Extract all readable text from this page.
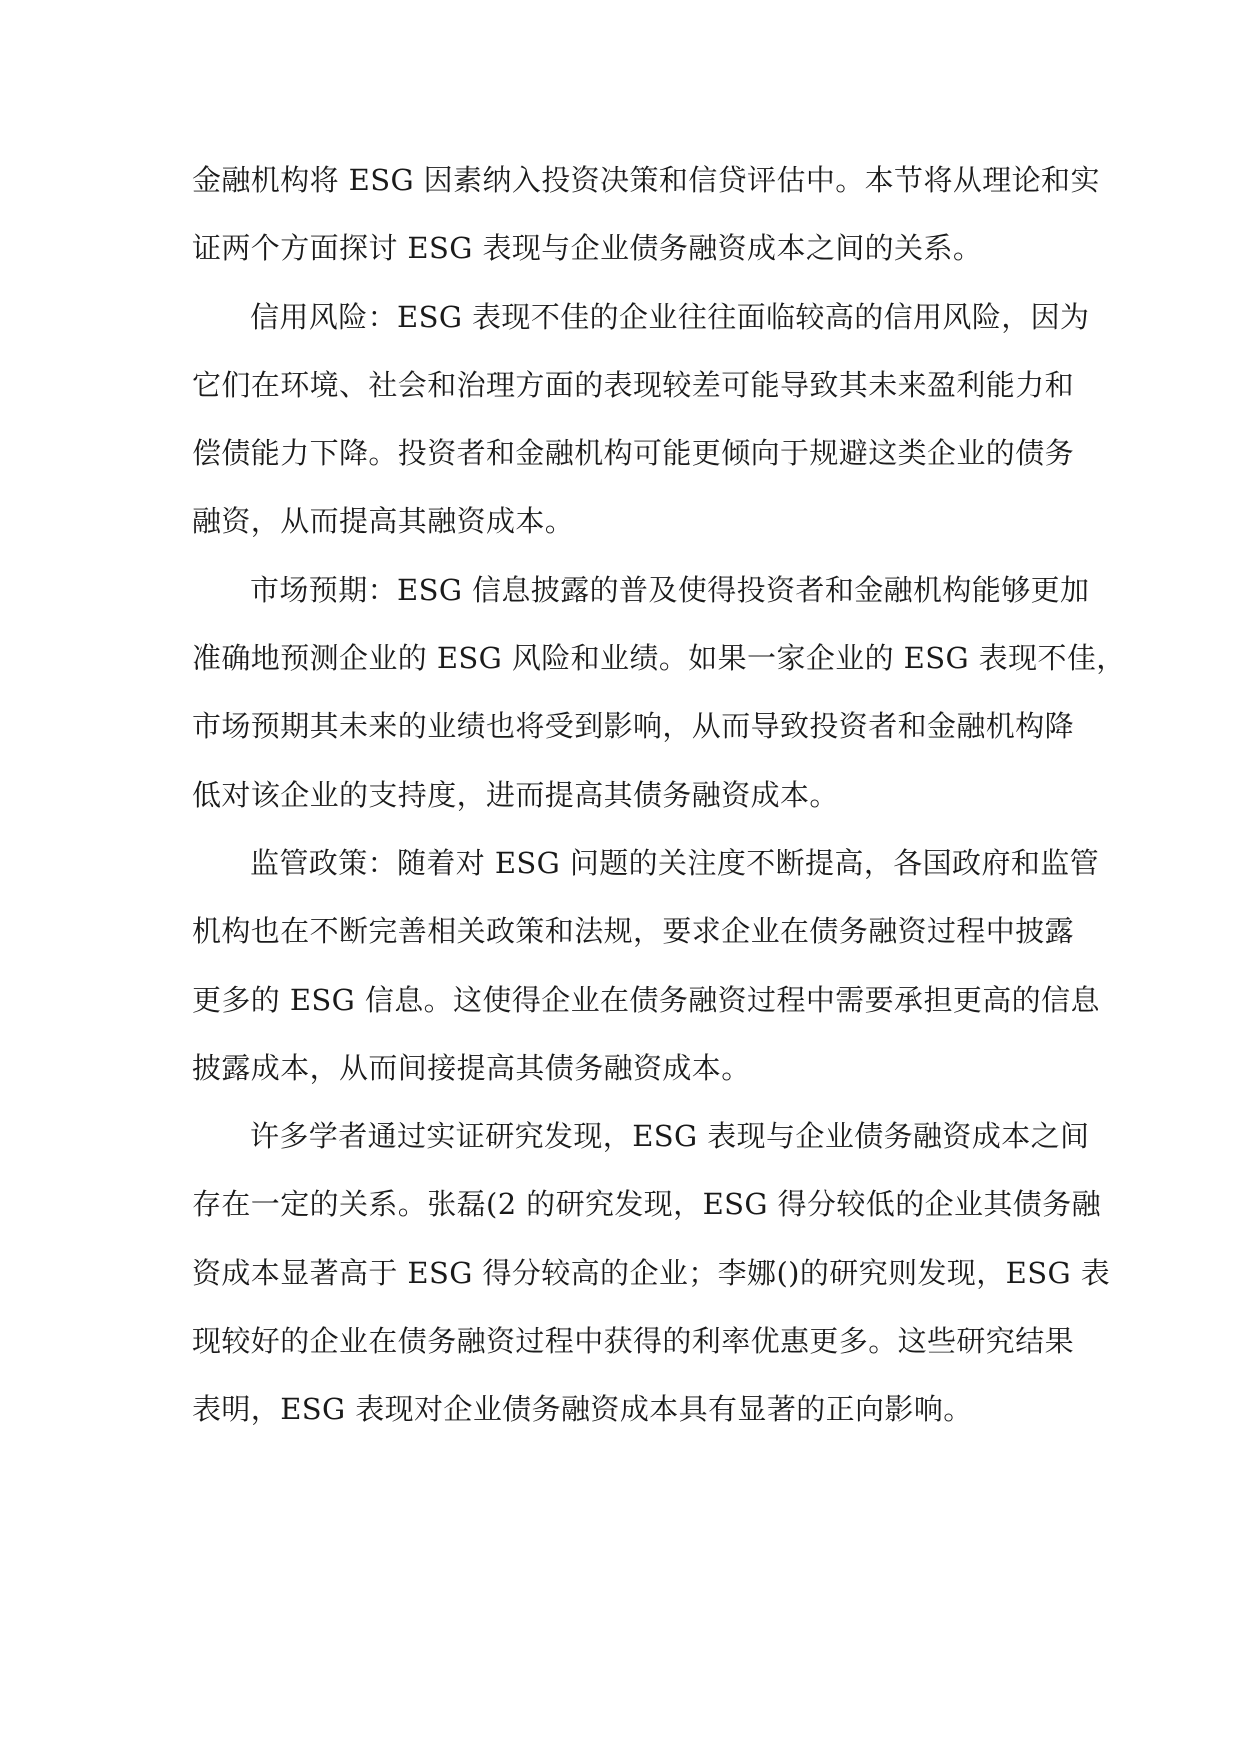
金融机构将 ESG 因素纳入投资决策和信贷评估中。本节将从理论和实
证两个方面探讨 ESG 表现与企业债务融资成本之间的关系。
信用风险：ESG 表现不佳的企业往往面临较高的信用风险，因为
它们在环境、社会和治理方面的表现较差可能导致其未来盈利能力和
偿债能力下降。投资者和金融机构可能更倾向于规避这类企业的债务
融资，从而提高其融资成本。
市场预期：ESG 信息披露的普及使得投资者和金融机构能够更加
准确地预测企业的 ESG 风险和业绩。如果一家企业的 ESG 表现不佳，
市场预期其未来的业绩也将受到影响，从而导致投资者和金融机构降
低对该企业的支持度，进而提高其债务融资成本。
监管政策：随着对 ESG 问题的关注度不断提高，各国政府和监管
机构也在不断完善相关政策和法规，要求企业在债务融资过程中披露
更多的 ESG 信息。这使得企业在债务融资过程中需要承担更高的信息
披露成本，从而间接提高其债务融资成本。
许多学者通过实证研究发现，ESG 表现与企业债务融资成本之间
存在一定的关系。张磊(2 的研究发现，ESG 得分较低的企业其债务融
资成本显著高于 ESG 得分较高的企业；李娜()的研究则发现，ESG 表
现较好的企业在债务融资过程中获得的利率优惠更多。这些研究结果
表明，ESG 表现对企业债务融资成本具有显著的正向影响。
